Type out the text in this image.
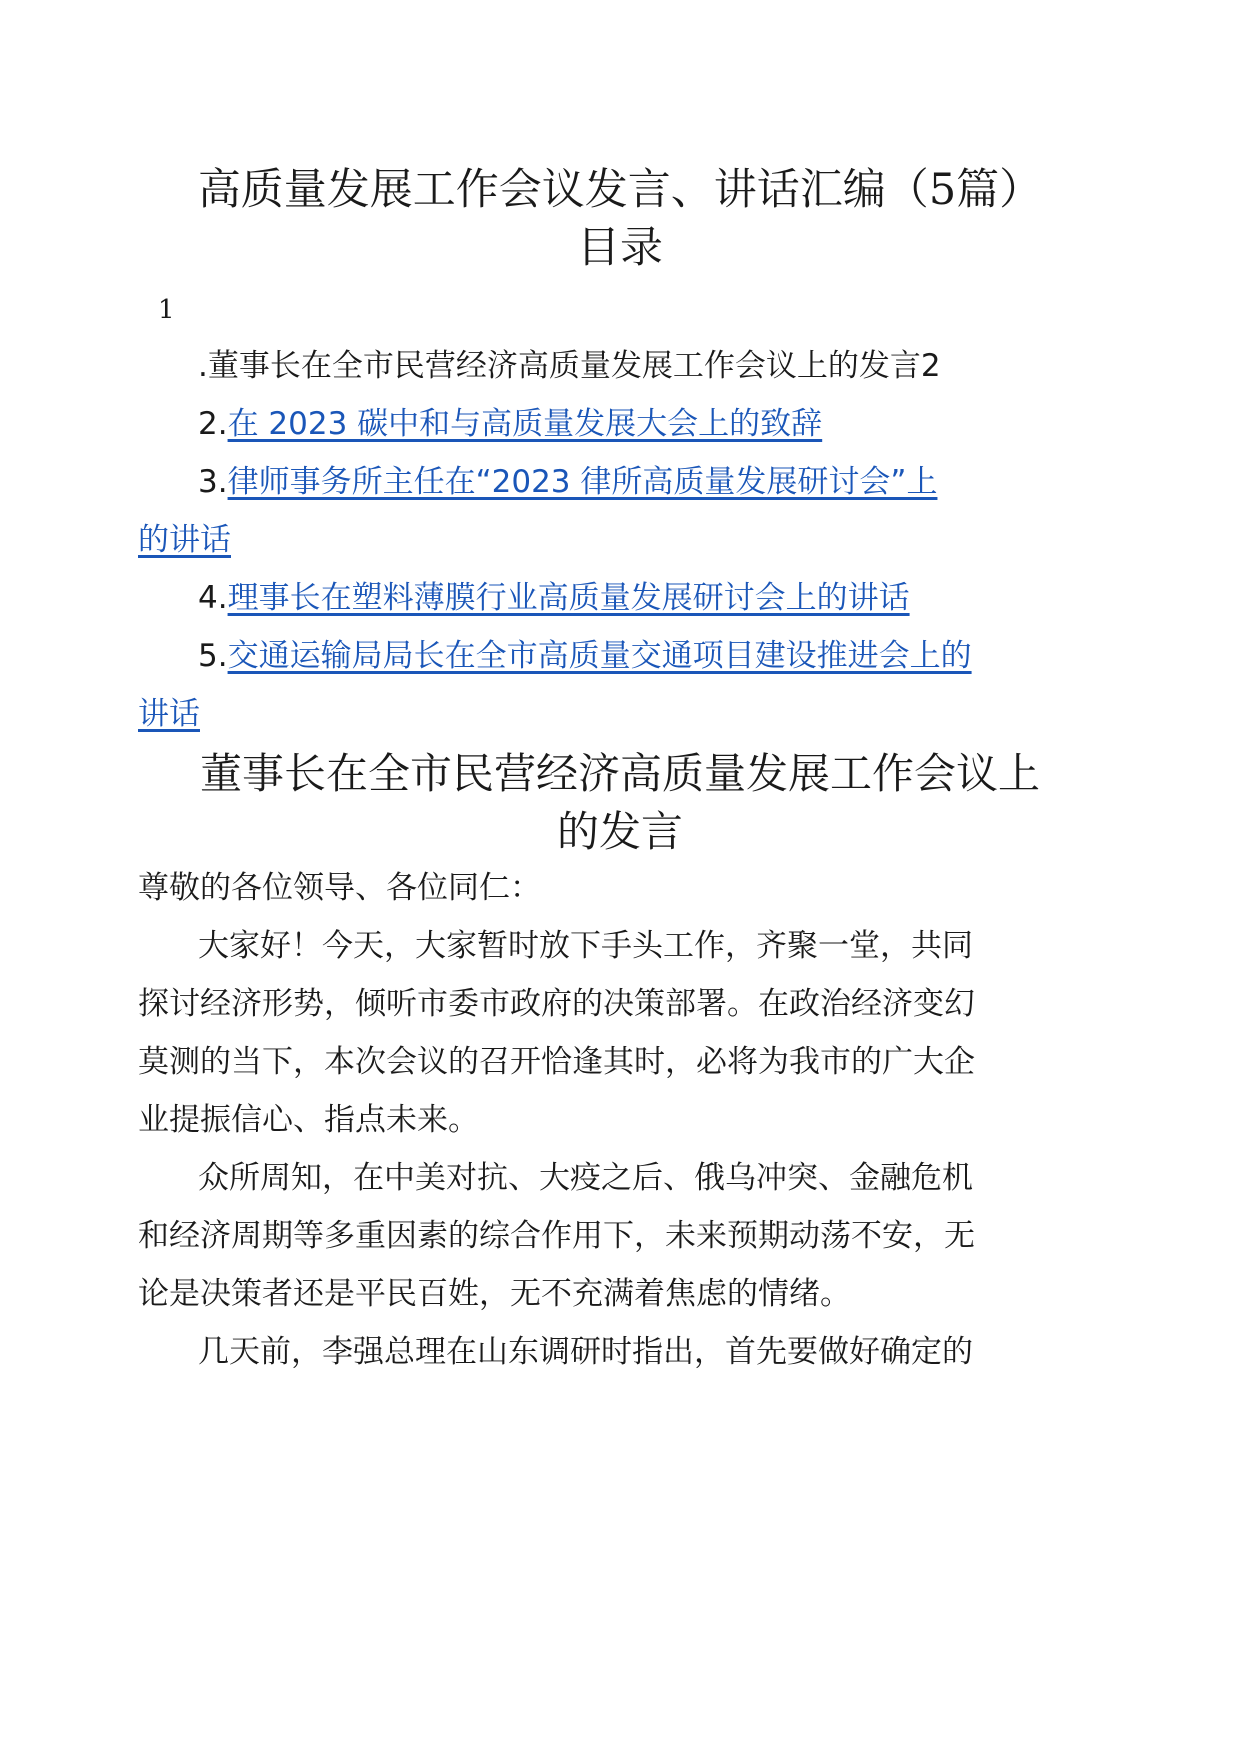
高质量发展工作会议发言、讲话汇编（5篇）
目录
1
.董事长在全市民营经济高质量发展工作会议上的发言2
2.在 2023 碳中和与高质量发展大会上的致辞
3.律师事务所主任在“2023 律所高质量发展研讨会”上
的讲话
4.理事长在塑料薄膜行业高质量发展研讨会上的讲话
5.交通运输局局长在全市高质量交通项目建设推进会上的
讲话
董事长在全市民营经济高质量发展工作会议上
的发言
尊敬的各位领导、各位同仁：
大家好！今天，大家暂时放下手头工作，齐聚一堂，共同
探讨经济形势，倾听市委市政府的决策部署。在政治经济变幻
莫测的当下，本次会议的召开恰逢其时，必将为我市的广大企
业提振信心、指点未来。
众所周知，在中美对抗、大疫之后、俄乌冲突、金融危机
和经济周期等多重因素的综合作用下，未来预期动荡不安，无
论是决策者还是平民百姓，无不充满着焦虑的情绪。
几天前，李强总理在山东调研时指出，首先要做好确定的
